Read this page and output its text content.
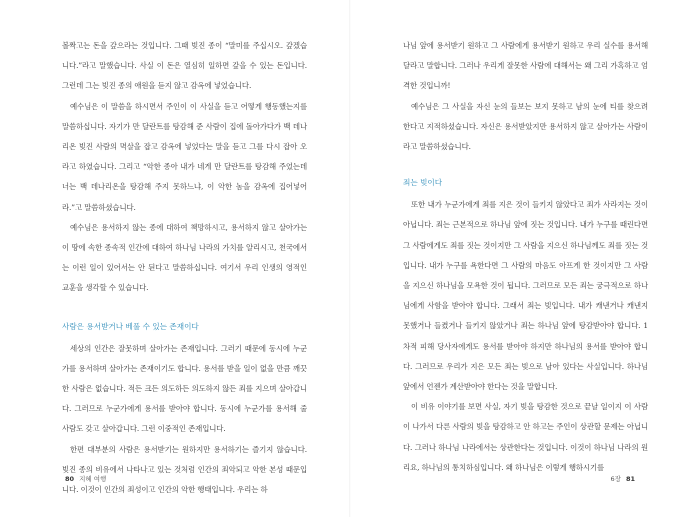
볼짝고는 돈을 갚으라는 것입니다. 그때 빚진 종이 “말미를 주십시오. 갚겠습니다.”라고 말했습니다. 사실 이 돈은 열심히 일하면 갚을 수 있는 돈입니다. 그런데 그는 빚진 종의 애원을 듣지 않고 감옥에 넣었습니다.

예수님은 이 말씀을 하시면서 주인이 이 사실을 듣고 어떻게 행동했는지를 말씀하십니다. 자기가 만 달란트를 탕감해 준 사람이 집에 돌아가다가 백 데나리온 빚진 사람의 멱살을 잡고 감옥에 넣었다는 말을 듣고 그를 다시 잡아 오라고 하였습니다. 그리고 “악한 종아 내가 네게 만 달란트를 탕감해 주었는데 너는 백 데나리온을 탕감해 주지 못하느냐, 이 악한 놈을 감옥에 집어넣어라.”고 말씀하셨습니다.

예수님은 용서하지 않는 종에 대하여 책망하시고, 용서하지 않고 살아가는 이 땅에 속한 종속적 인간에 대하여 하나님 나라의 가치를 알리시고, 천국에서는 이런 일이 있어서는 안 된다고 말씀하십니다. 여기서 우리 인생의 영적인 교훈을 생각할 수 있습니다.

사람은 용서받거나 베풀 수 있는 존재이다

세상의 인간은 잘못하며 살아가는 존재입니다. 그러기 때문에 동시에 누군가를 용서하며 살아가는 존재이기도 합니다. 용서를 받을 일이 없을 만큼 깨끗한 사람은 없습니다. 적든 크든 의도하든 의도하지 않든 죄를 지으며 살아갑니다. 그러므로 누군가에게 용서를 받아야 합니다. 동시에 누군가를 용서해 줄 사람도 갖고 살아갑니다. 그런 이중적인 존재입니다.

한편 대부분의 사람은 용서받기는 원하지만 용서하기는 즐기지 않습니다. 빚진 종의 비유에서 나타나고 있는 것처럼 인간의 죄악되고 악한 본성 때문입니다. 이것이 인간의 죄성이고 인간의 악한 행태입니다. 우리는 하

나님 앞에 용서받기 원하고 그 사람에게 용서받기 원하고 우리 실수를 용서해 달라고 말합니다. 그러나 우리게 잘못한 사람에 대해서는 왜 그리 가혹하고 엄격한 것입니까!

예수님은 그 사실을 자신 눈의 들보는 보지 못하고 남의 눈에 티를 찾으려 한다고 지적하셨습니다. 자신은 용서받았지만 용서하지 않고 살아가는 사람이라고 말씀하셨습니다.

죄는 빚이다

또한 내가 누군가에게 죄를 지은 것이 들키지 않았다고 죄가 사라지는 것이 아닙니다. 죄는 근본적으로 하나님 앞에 짓는 것입니다. 내가 누구를 때린다면 그 사람에게도 죄를 짓는 것이지만 그 사람을 지으신 하나님께도 죄를 짓는 것입니다. 내가 누구를 욕한다면 그 사람의 마음도 아프게 한 것이지만 그 사람을 지으신 하나님을 모욕한 것이 됩니다. 그러므로 모든 죄는 궁극적으로 하나님에게 사함을 받아야 합니다. 그래서 죄는 빚입니다. 내가 캐낸거나 캐낸지 못했거나 들켰거나 들키지 않았거나 죄는 하나님 앞에 탕감받아야 합니다. 1차적 피해 당사자에게도 용서를 받아야 하지만 하나님의 용서를 받아야 합니다. 그러므로 우리가 지은 모든 죄는 빚으로 남아 있다는 사실입니다. 하나님 앞에서 언젠가 계산받아야 한다는 것을 말합니다.

이 비유 이야기를 보면 사실, 자기 빚을 탕감한 것으로 끝날 일이지 이 사람이 나가서 다른 사람의 빚을 탕감하고 안 하고는 주인이 상관할 문제는 아닙니다. 그러나 하나님 나라에서는 상관한다는 것입니다. 이것이 하나님 나라의 원리요, 하나님의 통치하심입니다. 왜 하나님은 이렇게 행하시기를

80 지혜 여행	6장 81
